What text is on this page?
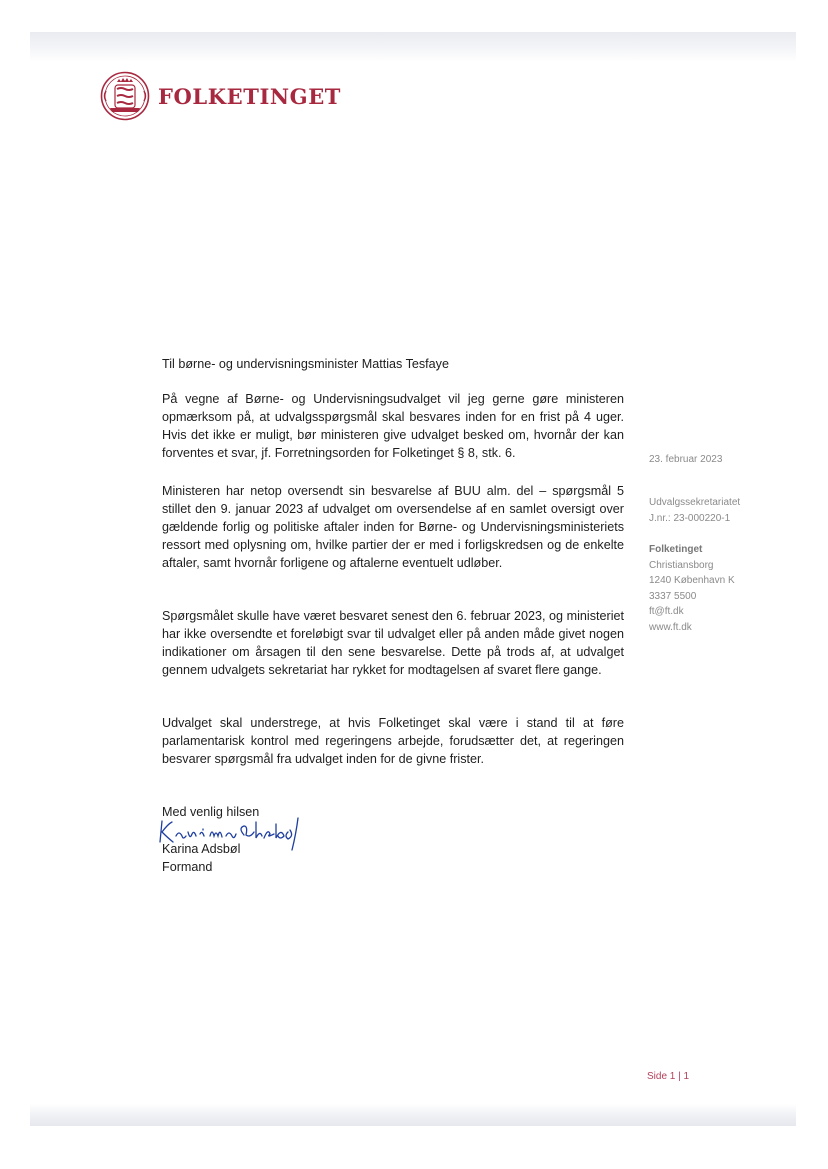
FOLKETINGET

Til børne- og undervisningsminister Mattias Tesfaye

På vegne af Børne- og Undervisningsudvalget vil jeg gerne gøre ministeren opmærksom på, at udvalgsspørgsmål skal besvares inden for en frist på 4 uger. Hvis det ikke er muligt, bør ministeren give udvalget besked om, hvornår der kan forventes et svar, jf. Forretningsorden for Folketinget § 8, stk. 6.

Ministeren har netop oversendt sin besvarelse af BUU alm. del – spørgsmål 5 stillet den 9. januar 2023 af udvalget om oversendelse af en samlet oversigt over gældende forlig og politiske aftaler inden for Børne- og Undervisningsministeriets ressort med oplysning om, hvilke partier der er med i forligskredsen og de enkelte aftaler, samt hvornår forligene og aftalerne eventuelt udløber.

Spørgsmålet skulle have været besvaret senest den 6. februar 2023, og ministeriet har ikke oversendte et foreløbigt svar til udvalget eller på anden måde givet nogen indikationer om årsagen til den sene besvarelse. Dette på trods af, at udvalget gennem udvalgets sekretariat har rykket for modtagelsen af svaret flere gange.

Udvalget skal understrege, at hvis Folketinget skal være i stand til at føre parlamentarisk kontrol med regeringens arbejde, forudsætter det, at regeringen besvarer spørgsmål fra udvalget inden for de givne frister.

Med venlig hilsen
Karina Adsbøl
Formand
23. februar 2023
Udvalgssekretariatet
J.nr.: 23-000220-1
Folketinget
Christiansborg
1240 København K
3337 5500
ft@ft.dk
www.ft.dk
Side 1 | 1
